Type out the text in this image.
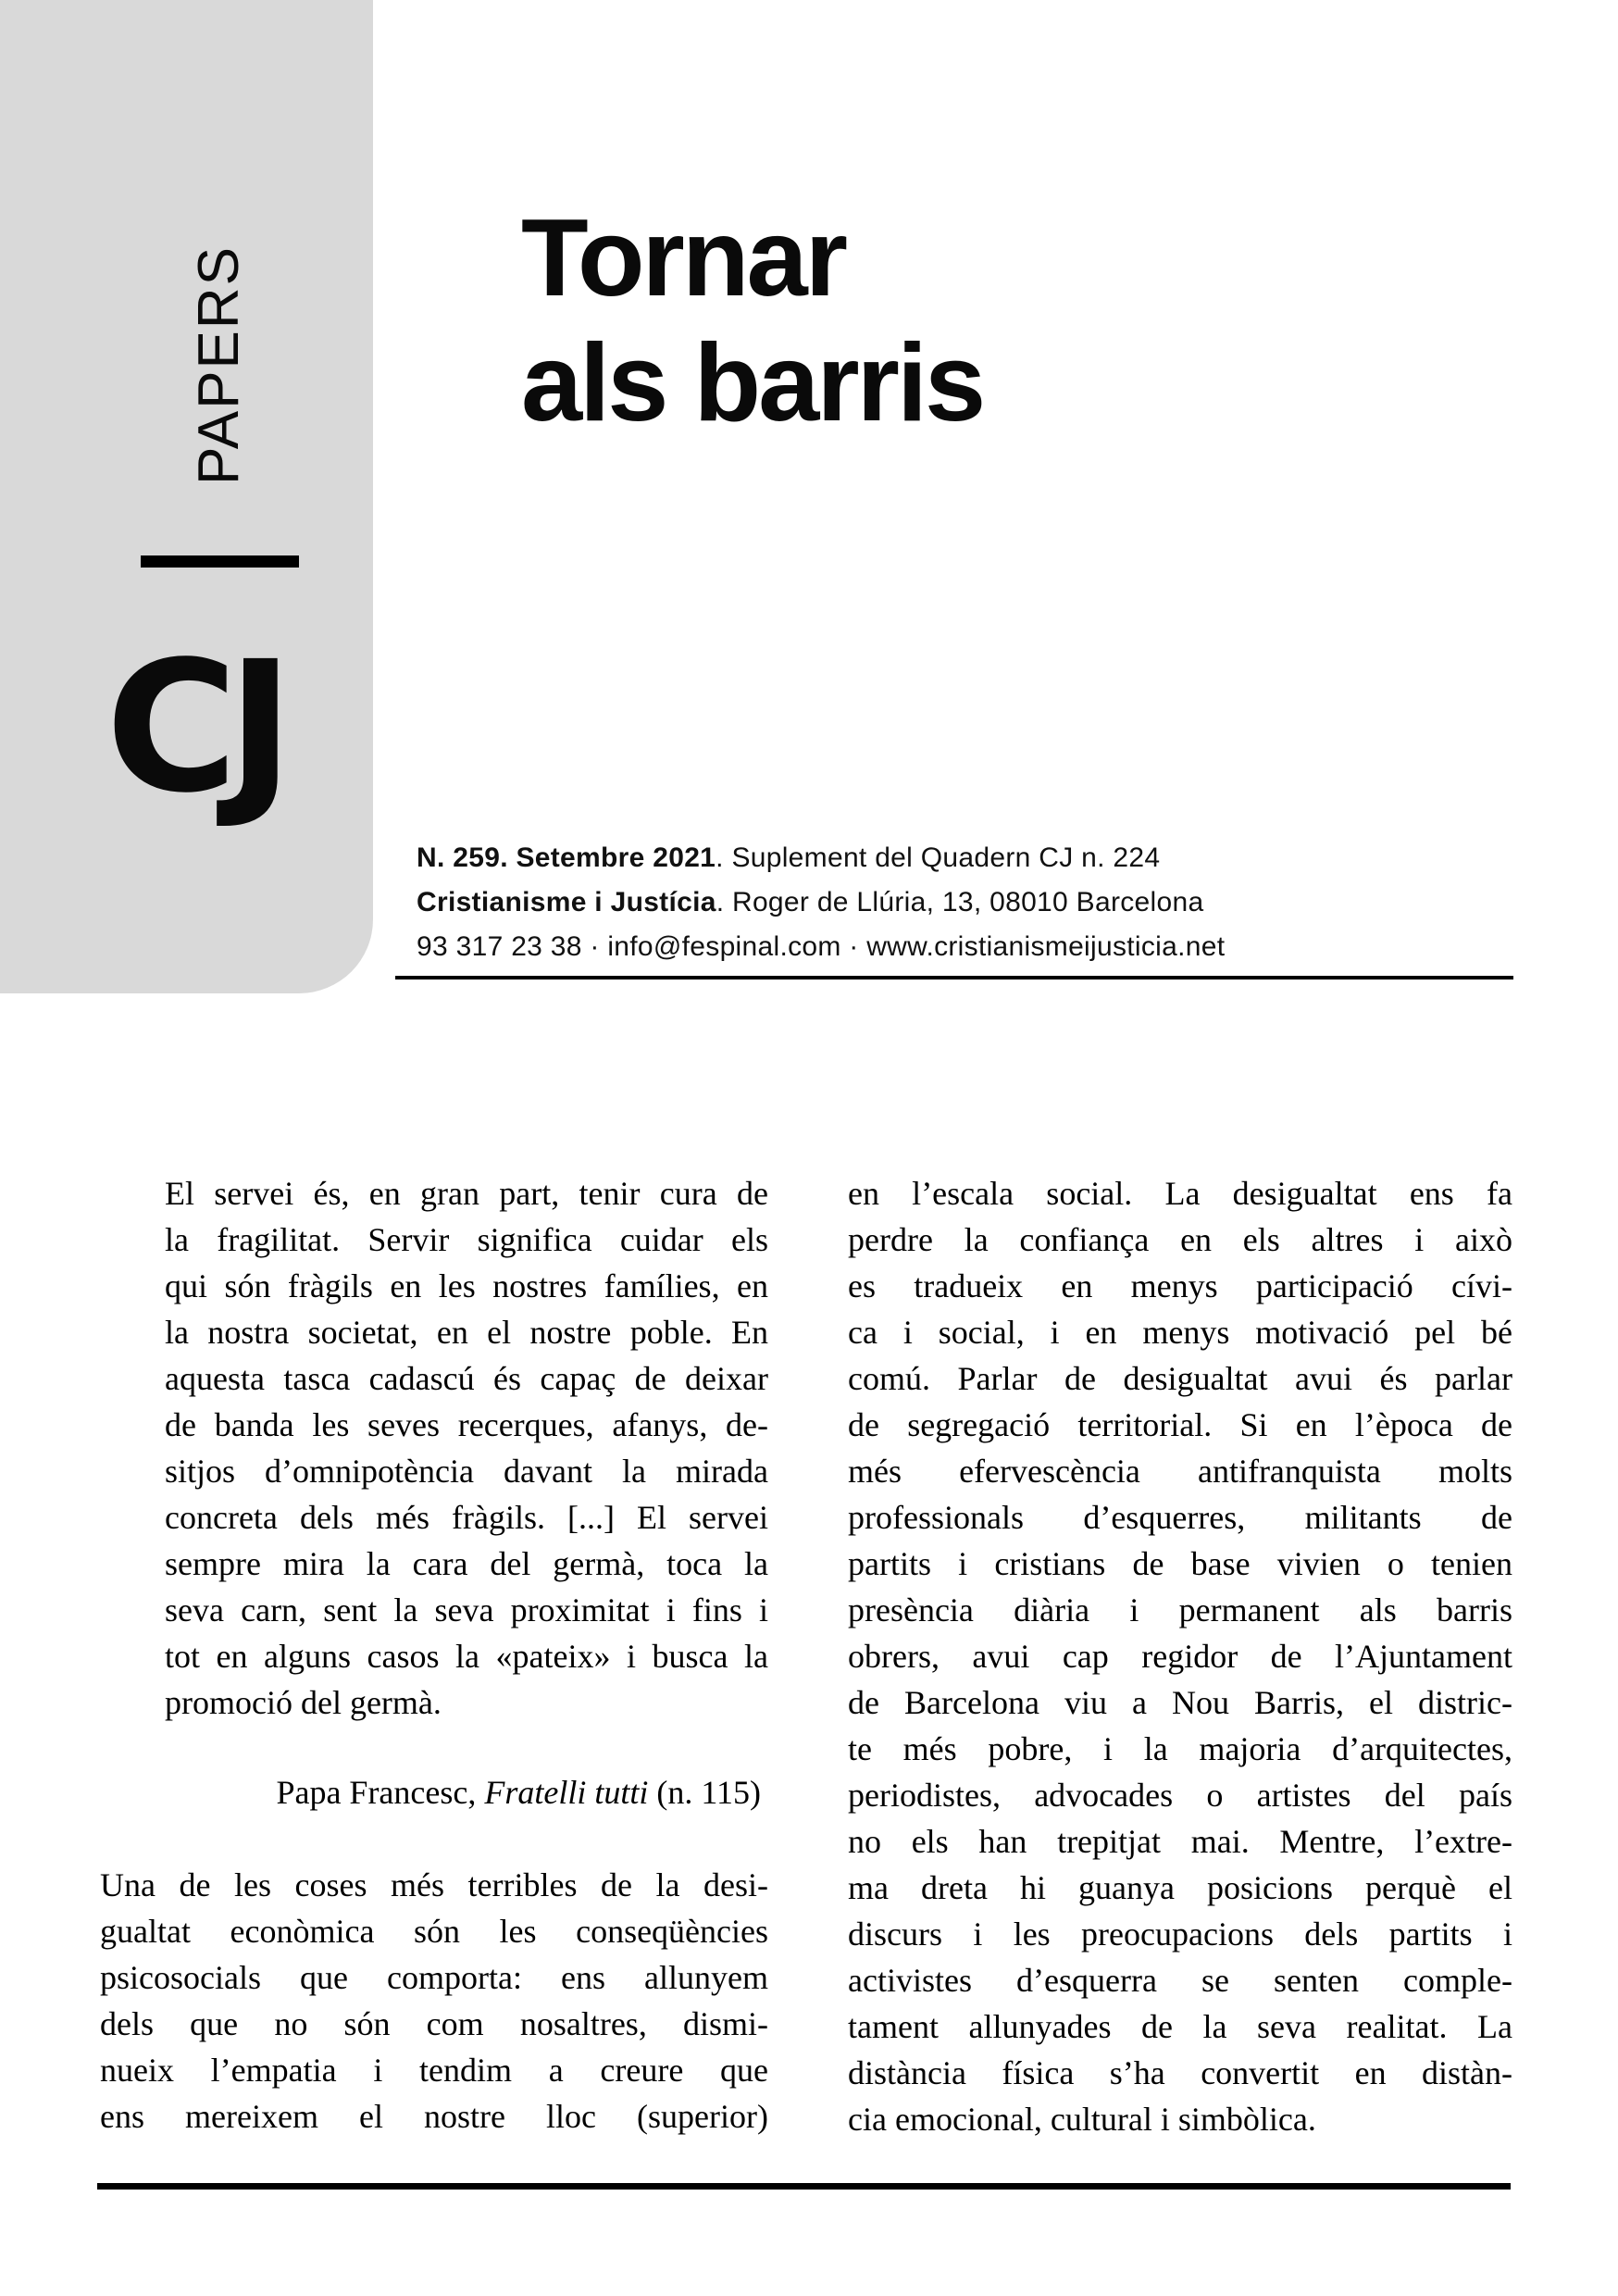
PAPERS
CJ
Tornar
als barris
N. 259. Setembre 2021. Suplement del Quadern CJ n. 224
Cristianisme i Justícia. Roger de Llúria, 13, 08010 Barcelona
93 317 23 38 · info@fespinal.com · www.cristianismeijusticia.net
El servei és, en gran part, tenir cura de
la fragilitat. Servir significa cuidar els
qui són fràgils en les nostres famílies, en
la nostra societat, en el nostre poble. En
aquesta tasca cadascú és capaç de deixar
de banda les seves recerques, afanys, de-
sitjos d’omnipotència davant la mirada
concreta dels més fràgils. [...] El servei
sempre mira la cara del germà, toca la
seva carn, sent la seva proximitat i fins i
tot en alguns casos la «pateix» i busca la
promoció del germà.
Papa Francesc, Fratelli tutti (n. 115)
Una de les coses més terribles de la desi-
gualtat econòmica són les conseqüències
psicosocials que comporta: ens allunyem
dels que no són com nosaltres, dismi-
nueix l’empatia i tendim a creure que
ens mereixem el nostre lloc (superior)
en l’escala social. La desigualtat ens fa
perdre la confiança en els altres i això
es tradueix en menys participació cívi-
ca i social, i en menys motivació pel bé
comú. Parlar de desigualtat avui és parlar
de segregació territorial. Si en l’època de
més efervescència antifranquista molts
professionals d’esquerres, militants de
partits i cristians de base vivien o tenien
presència diària i permanent als barris
obrers, avui cap regidor de l’Ajuntament
de Barcelona viu a Nou Barris, el distric-
te més pobre, i la majoria d’arquitectes,
periodistes, advocades o artistes del país
no els han trepitjat mai. Mentre, l’extre-
ma dreta hi guanya posicions perquè el
discurs i les preocupacions dels partits i
activistes d’esquerra se senten comple-
tament allunyades de la seva realitat. La
distància física s’ha convertit en distàn-
cia emocional, cultural i simbòlica.
